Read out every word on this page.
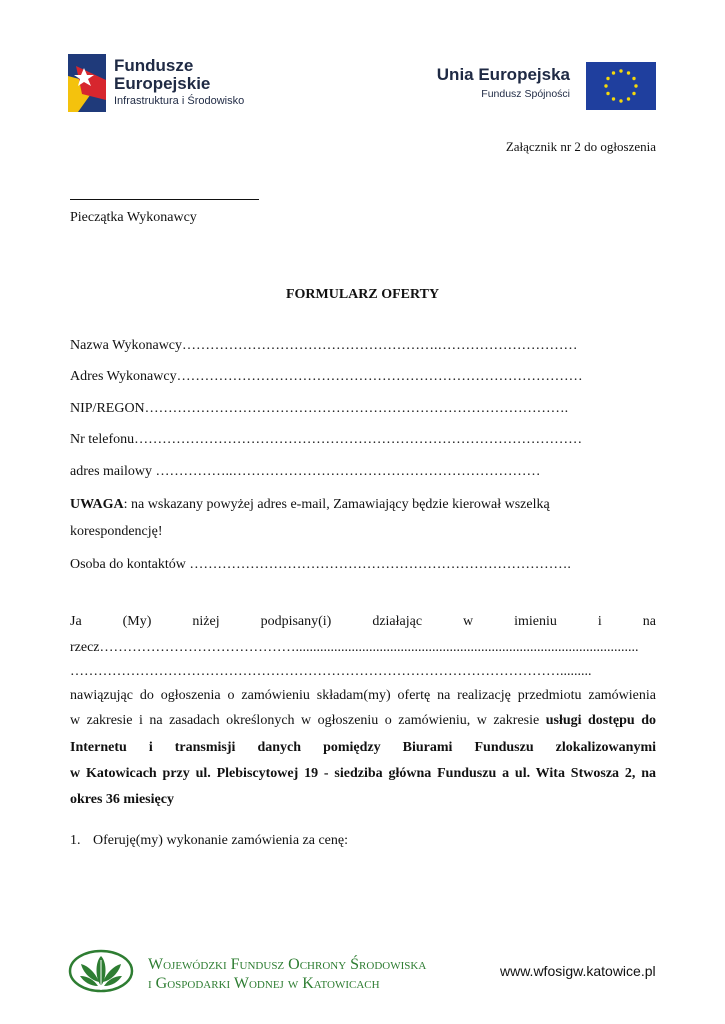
Fundusze
Europejskie
Infrastruktura i Środowisko
Unia Europejska
Fundusz Spójności
Załącznik nr 2 do ogłoszenia
Pieczątka Wykonawcy
FORMULARZ OFERTY
Nazwa Wykonawcy……………………………………………….…………………………
Adres Wykonawcy……………………………………………………………………………
NIP/REGON……………………………………………………………………………….
Nr telefonu……………………………………………………………………………………
adres mailowy ……………..…………………………………………………………
UWAGA: na wskazany powyżej adres e-mail, Zamawiający będzie kierował wszelką
korespondencję!
Osoba do kontaktów ……………………………………………………………………….
Ja	(My)	niżej	podpisany(i)	działając	w	imieniu	i	na
rzecz……………………………………..................................................................................................
…………………………………………………………………………………………….........
nawiązując do ogłoszenia o zamówieniu składam(my) ofertę na realizację przedmiotu zamówienia
w zakresie i na zasadach określonych w ogłoszeniu o zamówieniu, w zakresie usługi dostępu do
Internetu i transmisji danych pomiędzy Biurami Funduszu zlokalizowanymi
w Katowicach przy ul. Plebiscytowej 19 - siedziba główna Funduszu a ul. Wita Stwosza 2, na
okres 36 miesięcy
1. Oferuję(my) wykonanie zamówienia za cenę:
Wojewódzki Fundusz Ochrony Środowiska
i Gospodarki Wodnej w Katowicach
www.wfosigw.katowice.pl
